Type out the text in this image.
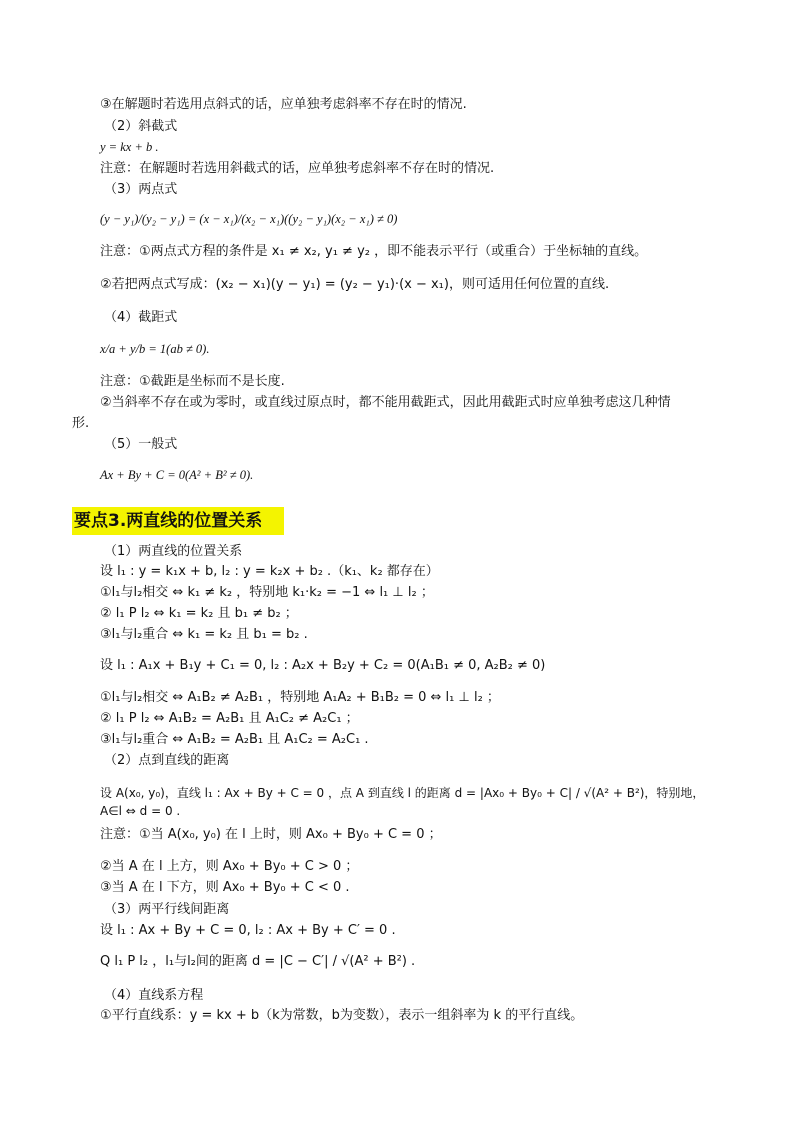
③在解题时若选用点斜式的话，应单独考虑斜率不存在时的情况.
（2）斜截式
y = kx + b .
注意：在解题时若选用斜截式的话，应单独考虑斜率不存在时的情况.
（3）两点式
(y − y₁)/(y₂ − y₁) = (x − x₁)/(x₂ − x₁)((y₂ − y₁)(x₂ − x₁) ≠ 0)
注意：①两点式方程的条件是 x₁ ≠ x₂, y₁ ≠ y₂ ，即不能表示平行（或重合）于坐标轴的直线。
②若把两点式写成：(x₂ − x₁)(y − y₁) = (y₂ − y₁)·(x − x₁)，则可适用任何位置的直线.
（4）截距式
x/a + y/b = 1(ab ≠ 0).
注意：①截距是坐标而不是长度.
②当斜率不存在或为零时，或直线过原点时，都不能用截距式，因此用截距式时应单独考虑这几种情
形.
（5）一般式
Ax + By + C = 0(A² + B² ≠ 0).
要点3.两直线的位置关系
（1）两直线的位置关系
设 l₁ : y = k₁x + b, l₂ : y = k₂x + b₂ .（k₁、k₂ 都存在）
①l₁与l₂相交 ⇔ k₁ ≠ k₂ ，特别地 k₁·k₂ = −1 ⇔ l₁ ⊥ l₂ ；
② l₁ P l₂ ⇔ k₁ = k₂ 且 b₁ ≠ b₂ ；
③l₁与l₂重合 ⇔ k₁ = k₂ 且 b₁ = b₂ .
设 l₁ : A₁x + B₁y + C₁ = 0, l₂ : A₂x + B₂y + C₂ = 0(A₁B₁ ≠ 0, A₂B₂ ≠ 0)
①l₁与l₂相交 ⇔ A₁B₂ ≠ A₂B₁ ，特别地 A₁A₂ + B₁B₂ = 0 ⇔ l₁ ⊥ l₂ ；
② l₁ P l₂ ⇔ A₁B₂ = A₂B₁ 且 A₁C₂ ≠ A₂C₁ ；
③l₁与l₂重合 ⇔ A₁B₂ = A₂B₁ 且 A₁C₂ = A₂C₁ .
（2）点到直线的距离
设 A(x₀, y₀)，直线 l₁ : Ax + By + C = 0 ，点 A 到直线 l 的距离 d = |Ax₀ + By₀ + C| / √(A² + B²)，特别地，A∈l ⇔ d = 0 .
注意：①当 A(x₀, y₀) 在 l 上时，则 Ax₀ + By₀ + C = 0 ；
②当 A 在 l 上方，则 Ax₀ + By₀ + C > 0 ；
③当 A 在 l 下方，则 Ax₀ + By₀ + C < 0 .
（3）两平行线间距离
设 l₁ : Ax + By + C = 0, l₂ : Ax + By + C′ = 0 .
Q l₁ P l₂ ，l₁与l₂间的距离 d = |C − C′| / √(A² + B²) .
（4）直线系方程
①平行直线系：y = kx + b（k为常数，b为变数），表示一组斜率为 k 的平行直线。
